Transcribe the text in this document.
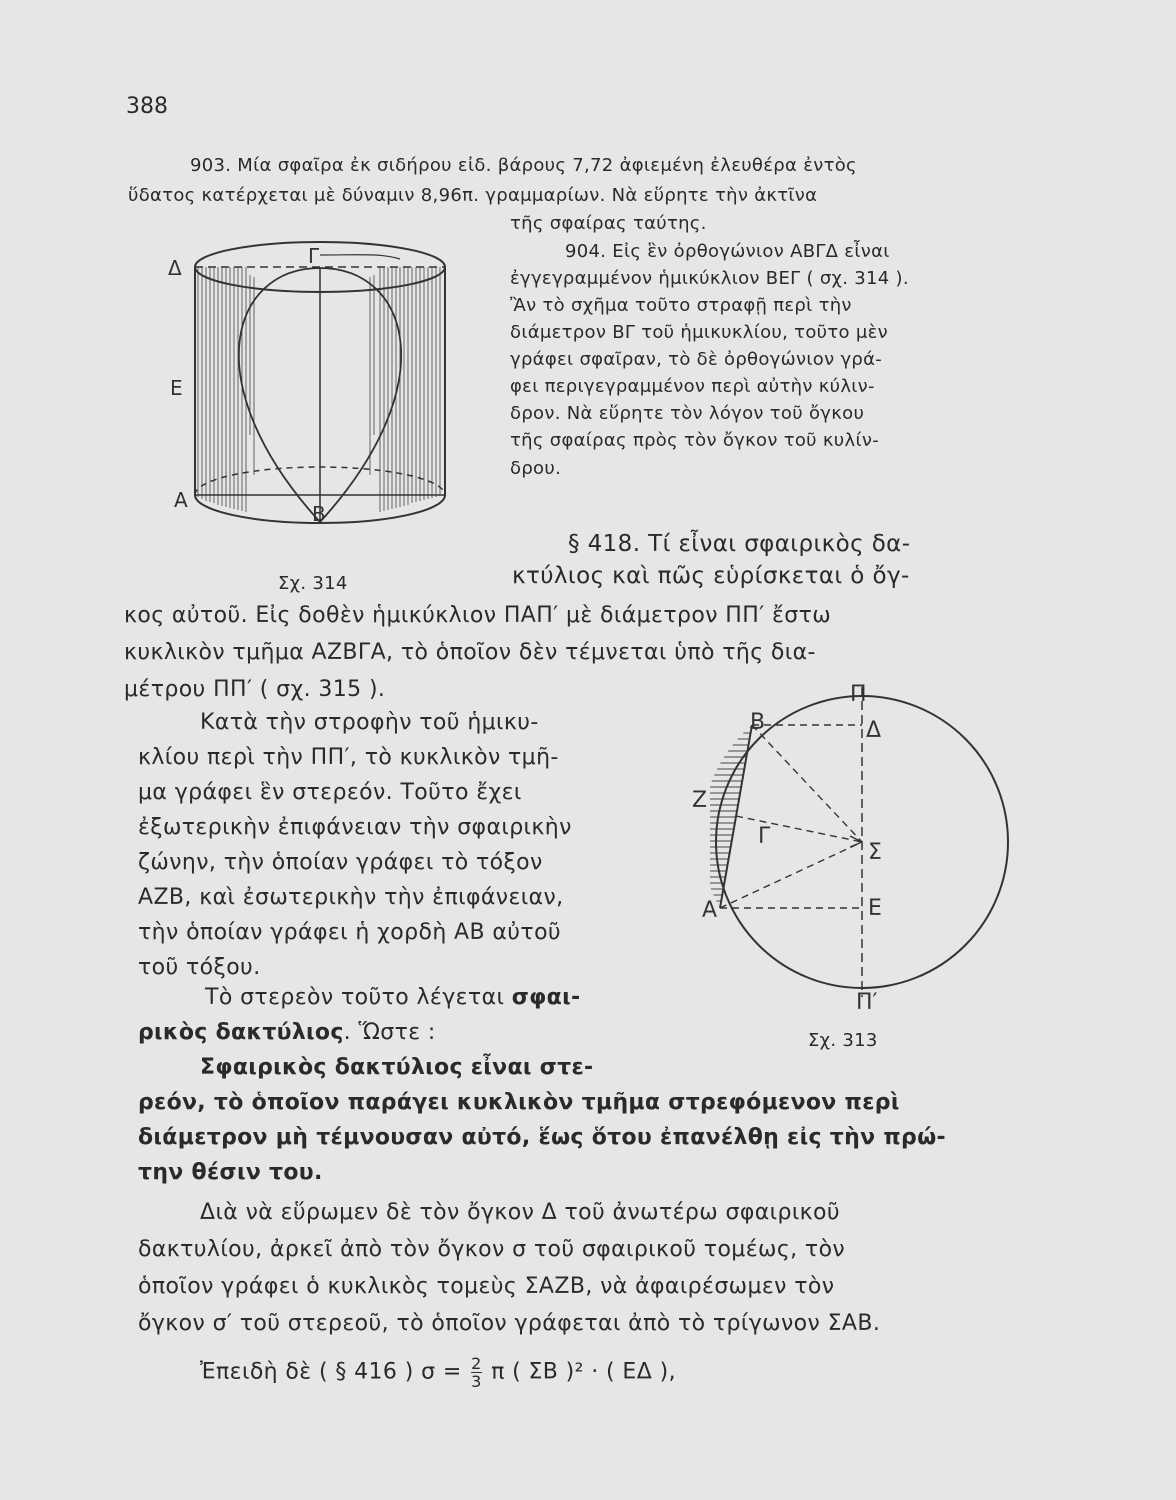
388
903. Μία σφαῖρα ἐκ σιδήρου εἰδ. βάρους 7,72 ἀφιεμένη ἐλευθέρα ἐντὸς
ὕδατος κατέρχεται μὲ δύναμιν 8,96π. γραμμαρίων. Νὰ εὕρητε τὴν ἀκτῖνα
τῆς σφαίρας ταύτης.
904. Εἰς ἓν ὀρθογώνιον ΑΒΓΔ εἶναι
ἐγγεγραμμένον ἡμικύκλιον ΒΕΓ ( σχ. 314 ).
Ἂν τὸ σχῆμα τοῦτο στραφῇ περὶ τὴν
διάμετρον ΒΓ τοῦ ἡμικυκλίου, τοῦτο μὲν
γράφει σφαῖραν, τὸ δὲ ὀρθογώνιον γρά-
φει περιγεγραμμένον περὶ αὐτὴν κύλιν-
δρον. Νὰ εὕρητε τὸν λόγον τοῦ ὄγκου
τῆς σφαίρας πρὸς τὸν ὄγκον τοῦ κυλίν-
δρου.
Δ	Γ
Ε
Α
Β
Σχ. 314
§ 418. Τί εἶναι σφαιρικὸς δα-
κτύλιος καὶ πῶς εὑρίσκεται ὁ ὄγ-
κος αὐτοῦ. Εἰς δοθὲν ἡμικύκλιον ΠΑΠ′ μὲ διάμετρον ΠΠ′ ἔστω
κυκλικὸν τμῆμα ΑΖΒΓΑ, τὸ ὁποῖον δὲν τέμνεται ὑπὸ τῆς δια-
μέτρου ΠΠ′ ( σχ. 315 ).
Κατὰ τὴν στροφὴν τοῦ ἡμικυ-
κλίου περὶ τὴν ΠΠ′, τὸ κυκλικὸν τμῆ-
μα γράφει ἓν στερεόν. Τοῦτο ἔχει
ἐξωτερικὴν ἐπιφάνειαν τὴν σφαιρικὴν
ζώνην, τὴν ὁποίαν γράφει τὸ τόξον
ΑΖΒ, καὶ ἐσωτερικὴν τὴν ἐπιφάνειαν,
τὴν ὁποίαν γράφει ἡ χορδὴ ΑΒ αὐτοῦ
τοῦ τόξου.
Τὸ στερεὸν τοῦτο λέγεται σφαι-
ρικὸς δακτύλιος. Ὥστε :
Σφαιρικὸς δακτύλιος εἶναι στε-
ρεόν, τὸ ὁποῖον παράγει κυκλικὸν τμῆμα στρεφόμενον περὶ
διάμετρον μὴ τέμνουσαν αὐτό, ἕως ὅτου ἐπανέλθῃ εἰς τὴν πρώ-
την θέσιν του.
Διὰ νὰ εὕρωμεν δὲ τὸν ὄγκον Δ τοῦ ἀνωτέρω σφαιρικοῦ
δακτυλίου, ἀρκεῖ ἀπὸ τὸν ὄγκον σ τοῦ σφαιρικοῦ τομέως, τὸν
ὁποῖον γράφει ὁ κυκλικὸς τομεὺς ΣΑΖΒ, νὰ ἀφαιρέσωμεν τὸν
ὄγκον σ′ τοῦ στερεοῦ, τὸ ὁποῖον γράφεται ἀπὸ τὸ τρίγωνον ΣΑΒ.
Ἐπειδὴ δὲ ( § 416 ) $\sigma = \frac{2}{3}$ π ( ΣΒ )² · ( ΕΔ ),
Π
Β	Δ
Ζ
Γ
Σ
Α	Ε
Π′
Σχ. 313
